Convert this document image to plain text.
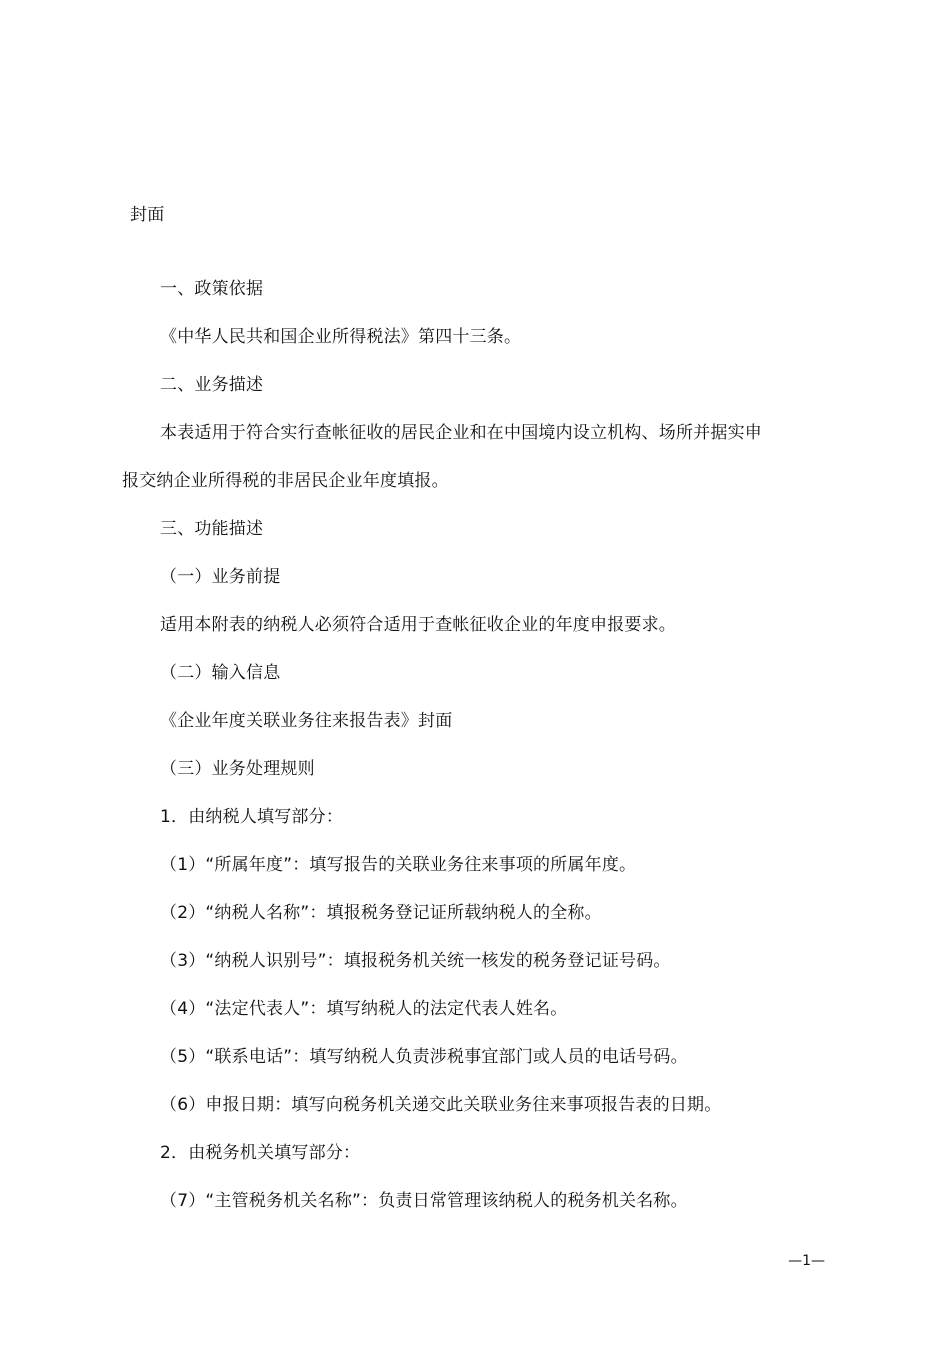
封面
一、政策依据
《中华人民共和国企业所得税法》第四十三条。
二、业务描述
本表适用于符合实行查帐征收的居民企业和在中国境内设立机构、场所并据实申
报交纳企业所得税的非居民企业年度填报。
三、功能描述
（一）业务前提
适用本附表的纳税人必须符合适用于查帐征收企业的年度申报要求。
（二）输入信息
《企业年度关联业务往来报告表》封面
（三）业务处理规则
1．由纳税人填写部分：
（1）“所属年度”：填写报告的关联业务往来事项的所属年度。
（2）“纳税人名称”：填报税务登记证所载纳税人的全称。
（3）“纳税人识别号”：填报税务机关统一核发的税务登记证号码。
（4）“法定代表人”：填写纳税人的法定代表人姓名。
（5）“联系电话”：填写纳税人负责涉税事宜部门或人员的电话号码。
（6）申报日期：填写向税务机关递交此关联业务往来事项报告表的日期。
2．由税务机关填写部分：
（7）“主管税务机关名称”：负责日常管理该纳税人的税务机关名称。
—1—
